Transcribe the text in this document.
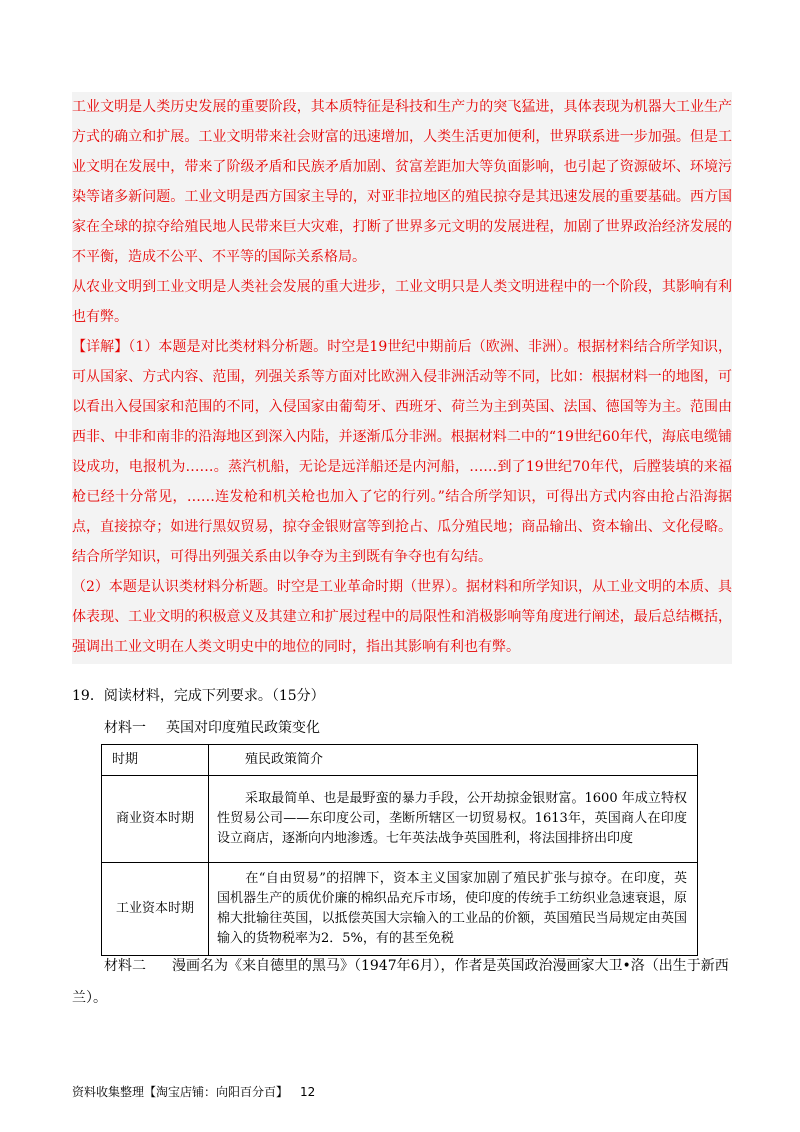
工业文明是人类历史发展的重要阶段，其本质特征是科技和生产力的突飞猛进，具体表现为机器大工业生产方式的确立和扩展。工业文明带来社会财富的迅速增加，人类生活更加便利，世界联系进一步加强。但是工业文明在发展中，带来了阶级矛盾和民族矛盾加剧、贫富差距加大等负面影响，也引起了资源破坏、环境污染等诸多新问题。工业文明是西方国家主导的，对亚非拉地区的殖民掠夺是其迅速发展的重要基础。西方国家在全球的掠夺给殖民地人民带来巨大灾难，打断了世界多元文明的发展进程，加剧了世界政治经济发展的不平衡，造成不公平、不平等的国际关系格局。

从农业文明到工业文明是人类社会发展的重大进步，工业文明只是人类文明进程中的一个阶段，其影响有利也有弊。

【详解】（1）本题是对比类材料分析题。时空是19世纪中期前后（欧洲、非洲）。根据材料结合所学知识，可从国家、方式内容、范围，列强关系等方面对比欧洲入侵非洲活动等不同，比如：根据材料一的地图，可以看出入侵国家和范围的不同，入侵国家由葡萄牙、西班牙、荷兰为主到英国、法国、德国等为主。范围由西非、中非和南非的沿海地区到深入内陆，并逐渐瓜分非洲。根据材料二中的“19世纪60年代，海底电缆铺设成功，电报机为……。蒸汽机船，无论是远洋船还是内河船，……到了19世纪70年代，后膛装填的来福枪已经十分常见，……连发枪和机关枪也加入了它的行列。”结合所学知识，可得出方式内容由抢占沿海据点，直接掠夺；如进行黑奴贸易，掠夺金银财富等到抢占、瓜分殖民地；商品输出、资本输出、文化侵略。结合所学知识，可得出列强关系由以争夺为主到既有争夺也有勾结。

（2）本题是认识类材料分析题。时空是工业革命时期（世界）。据材料和所学知识，从工业文明的本质、具体表现、工业文明的积极意义及其建立和扩展过程中的局限性和消极影响等角度进行阐述，最后总结概括，强调出工业文明在人类文明史中的地位的同时，指出其影响有利也有弊。

19．阅读材料，完成下列要求。（15分）
材料一 英国对印度殖民政策变化
时期	殖民政策简介
商业资本时期	采取最简单、也是最野蛮的暴力手段，公开劫掠金银财富。1600 年成立特权性贸易公司——东印度公司，垄断所辖区一切贸易权。1613年，英国商人在印度设立商店，逐渐向内地渗透。七年英法战争英国胜利，将法国排挤出印度
工业资本时期	在“自由贸易”的招牌下，资本主义国家加剧了殖民扩张与掠夺。在印度，英国机器生产的质优价廉的棉织品充斥市场，使印度的传统手工纺织业急速衰退，原棉大批输往英国，以抵偿英国大宗输入的工业品的价额，英国殖民当局规定由英国输入的货物税率为2．5%，有的甚至免税
材料二 漫画名为《来自德里的黑马》（1947年6月），作者是英国政治漫画家大卫•洛（出生于新西兰）。
资料收集整理【淘宝店铺：向阳百分百】 12
